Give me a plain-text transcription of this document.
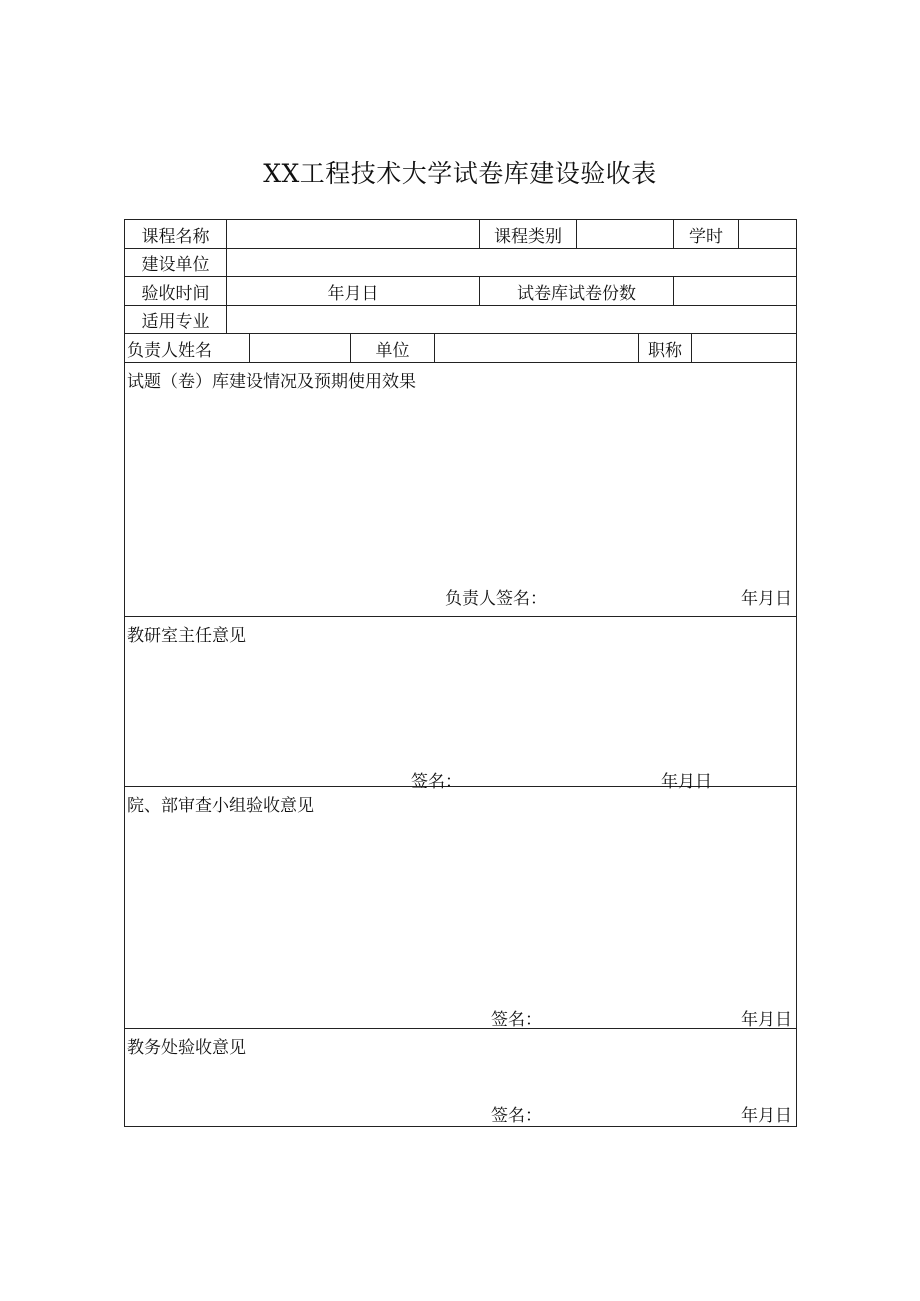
XX工程技术大学试卷库建设验收表
课程名称	课程类别	学时
建设单位
验收时间	年月日	试卷库试卷份数
适用专业
负责人姓名	单位	职称
试题（卷）库建设情况及预期使用效果
负责人签名：	年月日
教研室主任意见
签名：	年月日
院、部审查小组验收意见
签名：	年月日
教务处验收意见
签名：	年月日
